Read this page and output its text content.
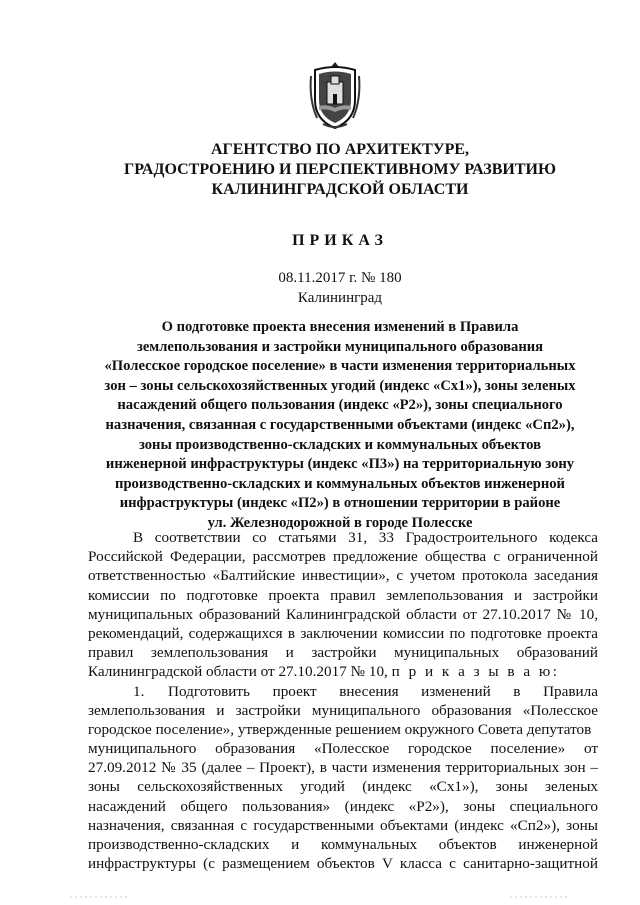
АГЕНТСТВО ПО АРХИТЕКТУРЕ,
ГРАДОСТРОЕНИЮ И ПЕРСПЕКТИВНОМУ РАЗВИТИЮ
КАЛИНИНГРАДСКОЙ ОБЛАСТИ
ПРИКАЗ
08.11.2017 г. № 180
Калининград
О подготовке проекта внесения изменений в Правила
землепользования и застройки муниципального образования
«Полесское городское поселение» в части изменения территориальных
зон – зоны сельскохозяйственных угодий (индекс «Сх1»), зоны зеленых
насаждений общего пользования (индекс «Р2»), зоны специального
назначения, связанная с государственными объектами (индекс «Сп2»),
зоны производственно-складских и коммунальных объектов
инженерной инфраструктуры (индекс «П3») на территориальную зону
производственно-складских и коммунальных объектов инженерной
инфраструктуры (индекс «П2») в отношении территории в районе
ул. Железнодорожной в городе Полесске
В соответствии со статьями 31, 33 Градостроительного кодекса
Российской Федерации, рассмотрев предложение общества с ограниченной
ответственностью «Балтийские инвестиции», с учетом протокола заседания
комиссии по подготовке проекта правил землепользования и застройки
муниципальных образований Калининградской области от 27.10.2017 № 10,
рекомендаций, содержащихся в заключении комиссии по подготовке проекта
правил землепользования и застройки муниципальных образований
Калининградской области от 27.10.2017 № 10, п р и к а з ы в а ю:
1.	Подготовить проект внесения изменений в Правила
землепользования и застройки муниципального образования «Полесское
городское поселение», утвержденные решением окружного Совета депутатов
муниципального образования «Полесское городское поселение» от
27.09.2012 № 35 (далее – Проект), в части изменения территориальных зон –
зоны сельскохозяйственных угодий (индекс «Сх1»), зоны зеленых
насаждений общего пользования» (индекс «Р2»), зоны специального
назначения, связанная с государственными объектами (индекс «Сп2»), зоны
производственно-складских и коммунальных объектов инженерной
инфраструктуры (с размещением объектов V класса с санитарно-защитной
